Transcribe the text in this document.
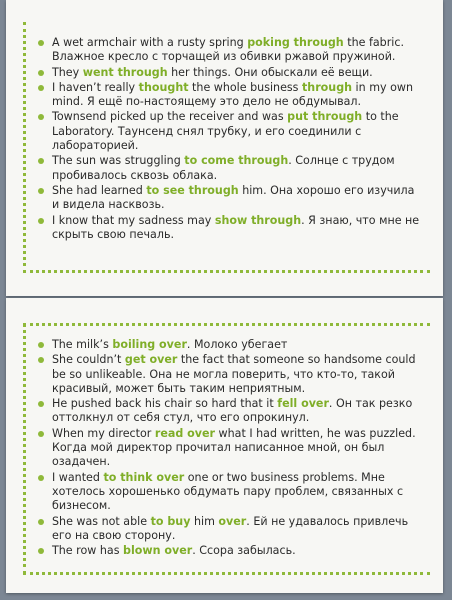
A wet armchair with a rusty spring poking through the fabric. Влажное кресло с торчащей из обивки ржавой пружиной.
They went through her things. Они обыскали её вещи.
I haven’t really thought the whole business through in my own mind. Я ещё по-настоящему это дело не обдумывал.
Townsend picked up the receiver and was put through to the Laboratory. Таунсенд снял трубку, и его соединили с лабораторией.
The sun was struggling to come through. Солнце с трудом пробивалось сквозь облака.
She had learned to see through him. Она хорошо его изучила и видела насквозь.
I know that my sadness may show through. Я знаю, что мне не скрыть свою печаль.
The milk’s boiling over. Молоко убегает
She couldn’t get over the fact that someone so handsome could be so unlikeable. Она не могла поверить, что кто-то, такой красивый, может быть таким неприятным.
He pushed back his chair so hard that it fell over. Он так резко оттолкнул от себя стул, что его опрокинул.
When my director read over what I had written, he was puzzled. Когда мой директор прочитал написанное мной, он был озадачен.
I wanted to think over one or two business problems. Мне хотелось хорошенько обдумать пару проблем, связанных с бизнесом.
She was not able to buy him over. Ей не удавалось привлечь его на свою сторону.
The row has blown over. Ссора забылась.
